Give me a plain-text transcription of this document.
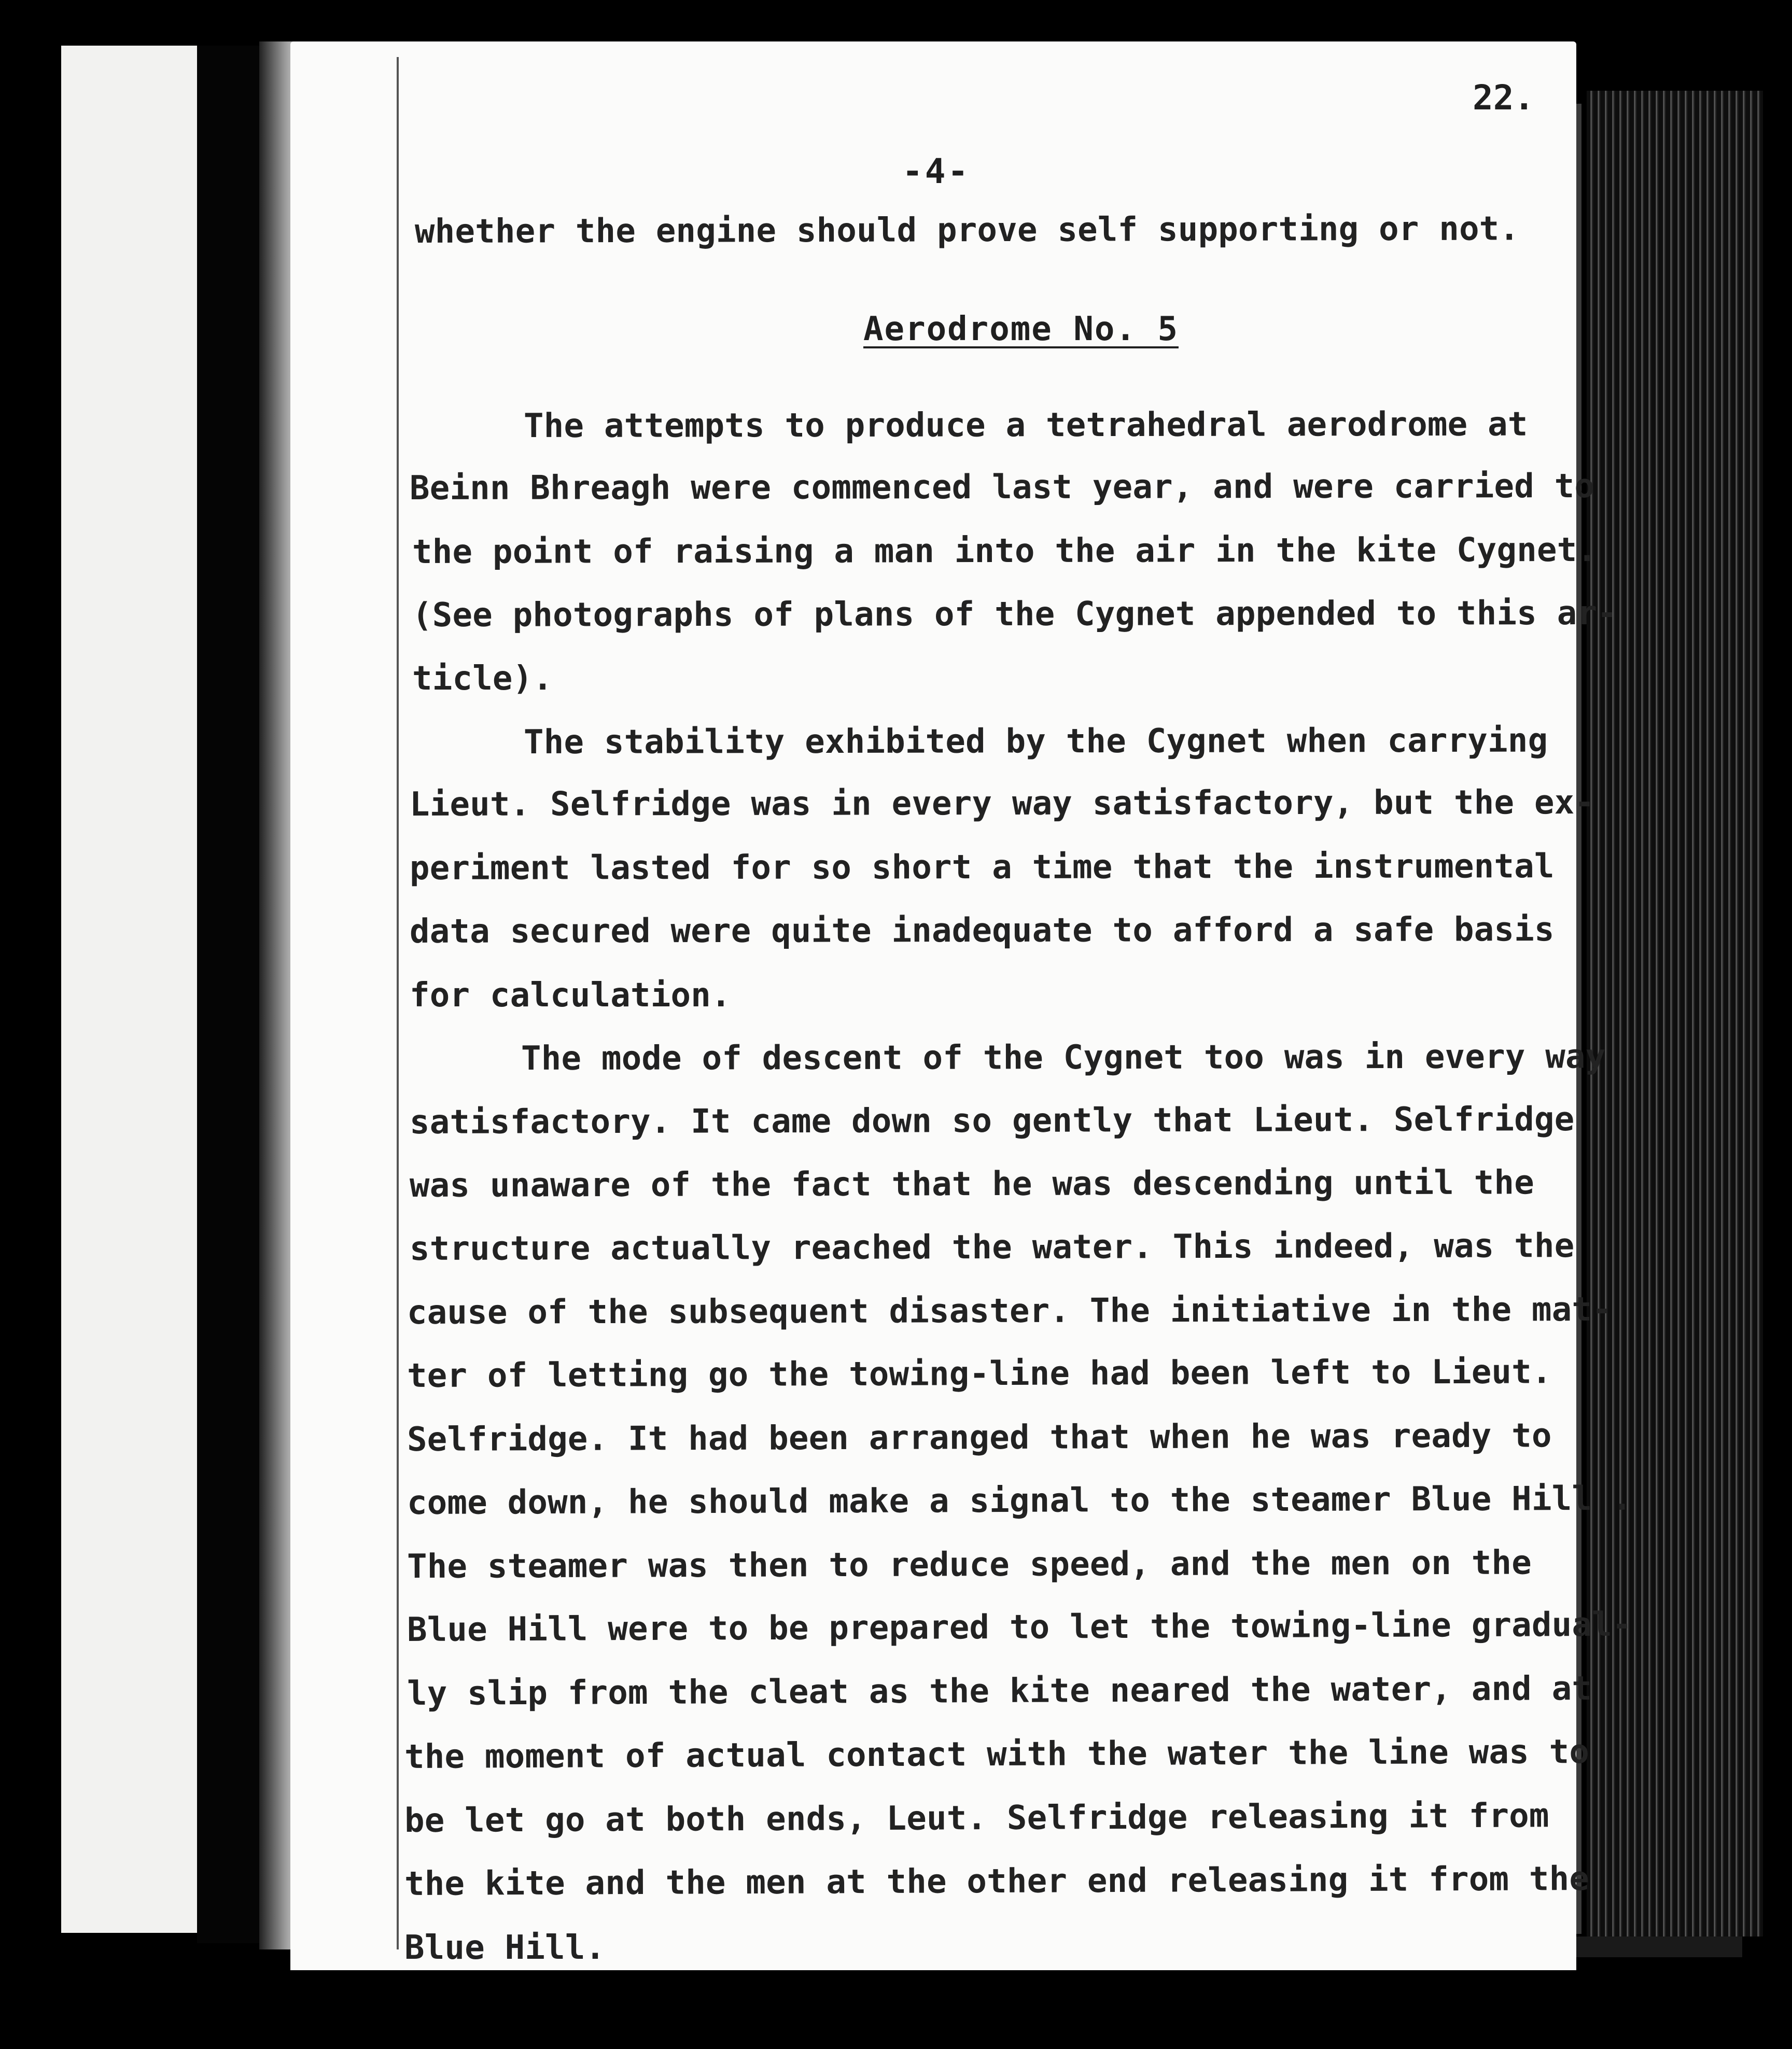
22.
-4-
Aerodrome No. 5
whether the engine should prove self supporting or not.
The attempts to produce a tetrahedral aerodrome at
Beinn Bhreagh were commenced last year, and were carried to
the point of raising a man into the air in the kite Cygnet.
(See photographs of plans of the Cygnet appended to this ar-
ticle).
The stability exhibited by the Cygnet when carrying
Lieut. Selfridge was in every way satisfactory, but the ex-
periment lasted for so short a time that the instrumental
data secured were quite inadequate to afford a safe basis
for calculation.
The mode of descent of the Cygnet too was in every way
satisfactory. It came down so gently that Lieut. Selfridge
was unaware of the fact that he was descending until the
structure actually reached the water. This indeed, was the
cause of the subsequent disaster. The initiative in the mat-
ter of letting go the towing-line had been left to Lieut.
Selfridge. It had been arranged that when he was ready to
come down, he should make a signal to the steamer Blue Hill .
The steamer was then to reduce speed, and the men on the
Blue Hill were to be prepared to let the towing-line gradual-
ly slip from the cleat as the kite neared the water, and at
the moment of actual contact with the water the line was to
be let go at both ends, Leut. Selfridge releasing it from
the kite and the men at the other end releasing it from the
Blue Hill.
